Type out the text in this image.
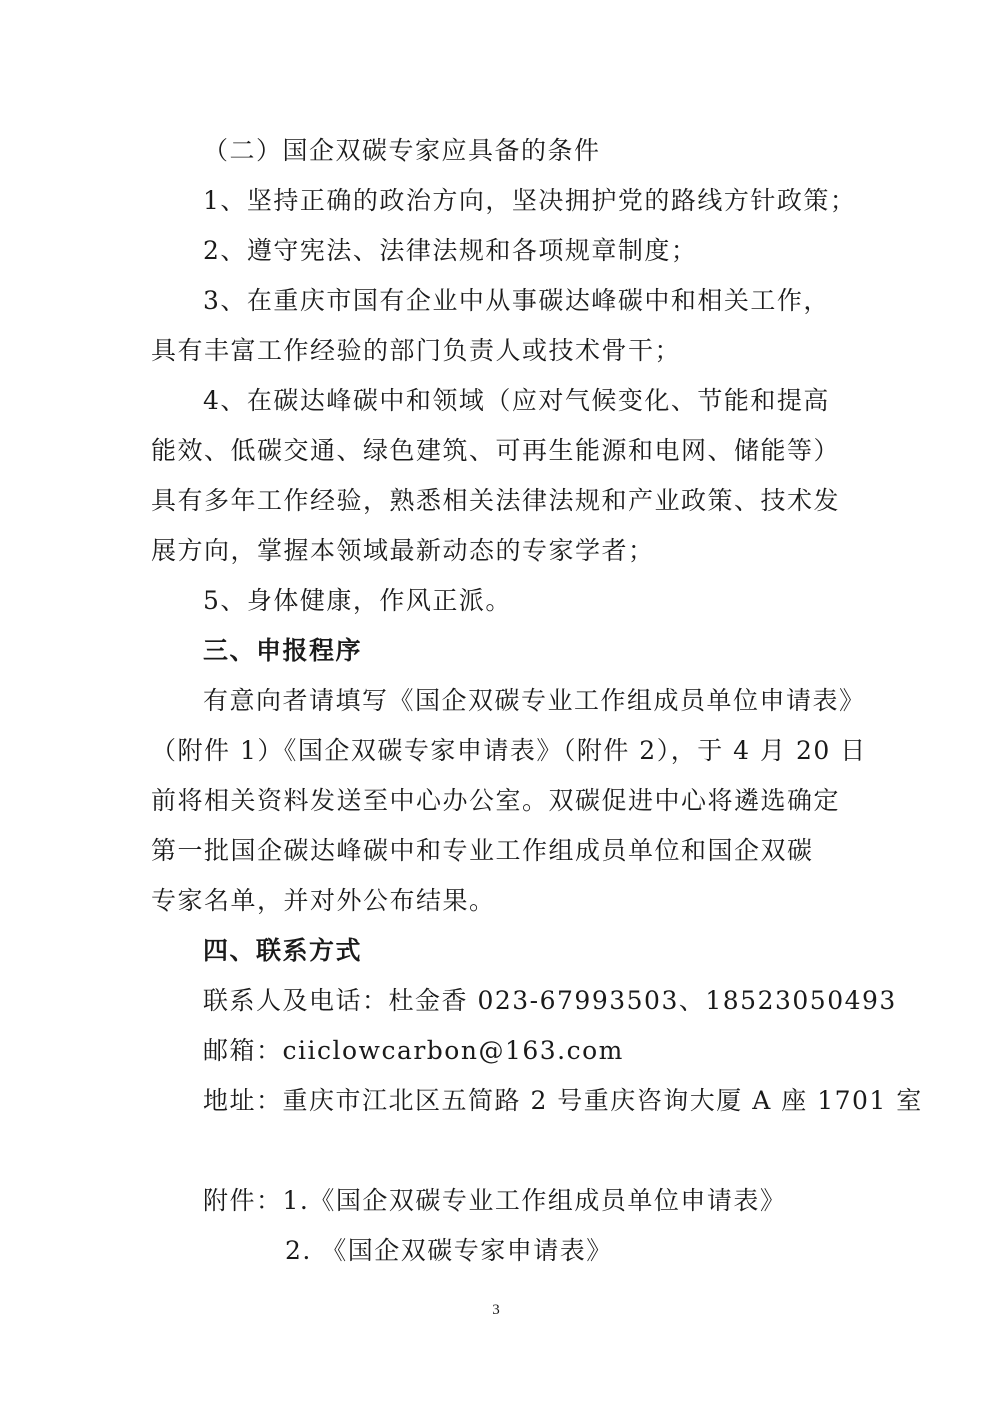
（二）国企双碳专家应具备的条件
1、坚持正确的政治方向，坚决拥护党的路线方针政策；
2、遵守宪法、法律法规和各项规章制度；
3、在重庆市国有企业中从事碳达峰碳中和相关工作，
具有丰富工作经验的部门负责人或技术骨干；
4、在碳达峰碳中和领域（应对气候变化、节能和提高
能效、低碳交通、绿色建筑、可再生能源和电网、储能等）
具有多年工作经验，熟悉相关法律法规和产业政策、技术发
展方向，掌握本领域最新动态的专家学者；
5、身体健康，作风正派。
三、申报程序
有意向者请填写《国企双碳专业工作组成员单位申请表》
（附件 1）《国企双碳专家申请表》（附件 2），于 4 月 20 日
前将相关资料发送至中心办公室。双碳促进中心将遴选确定
第一批国企碳达峰碳中和专业工作组成员单位和国企双碳
专家名单，并对外公布结果。
四、联系方式
联系人及电话：杜金香 023-67993503、18523050493
邮箱：ciiclowcarbon@163.com
地址：重庆市江北区五简路 2 号重庆咨询大厦 A 座 1701 室
附件：1.《国企双碳专业工作组成员单位申请表》
2. 《国企双碳专家申请表》
3
